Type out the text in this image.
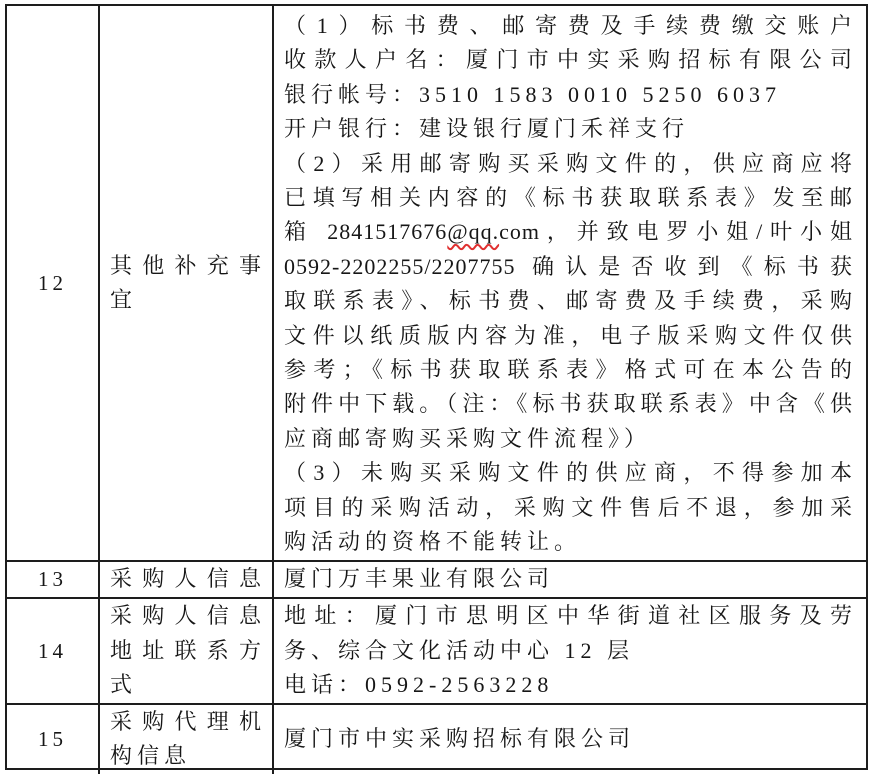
12
其他补充事
宜
（1）标书费、邮寄费及手续费缴交账户
收款人户名：厦门市中实采购招标有限公司
银行帐号：3510 1583 0010 5250 6037
开户银行：建设银行厦门禾祥支行
（2）采用邮寄购买采购文件的，供应商应将
已填写相关内容的《标书获取联系表》发至邮
箱 2841517676@qq.com，并致电罗小姐/叶小姐
0592-2202255/2207755 确认是否收到《标书获
取联系表》、标书费、邮寄费及手续费，采购
文件以纸质版内容为准，电子版采购文件仅供
参考；《标书获取联系表》格式可在本公告的
附件中下载。（注：《标书获取联系表》中含《供
应商邮寄购买采购文件流程》）
（3）未购买采购文件的供应商，不得参加本
项目的采购活动，采购文件售后不退，参加采
购活动的资格不能转让。
13 采购人信息 厦门万丰果业有限公司
14
采购人信息
地址联系方
式
地址：厦门市思明区中华街道社区服务及劳
务、综合文化活动中心 12 层
电话：0592-2563228
15
采购代理机
构信息
厦门市中实采购招标有限公司
